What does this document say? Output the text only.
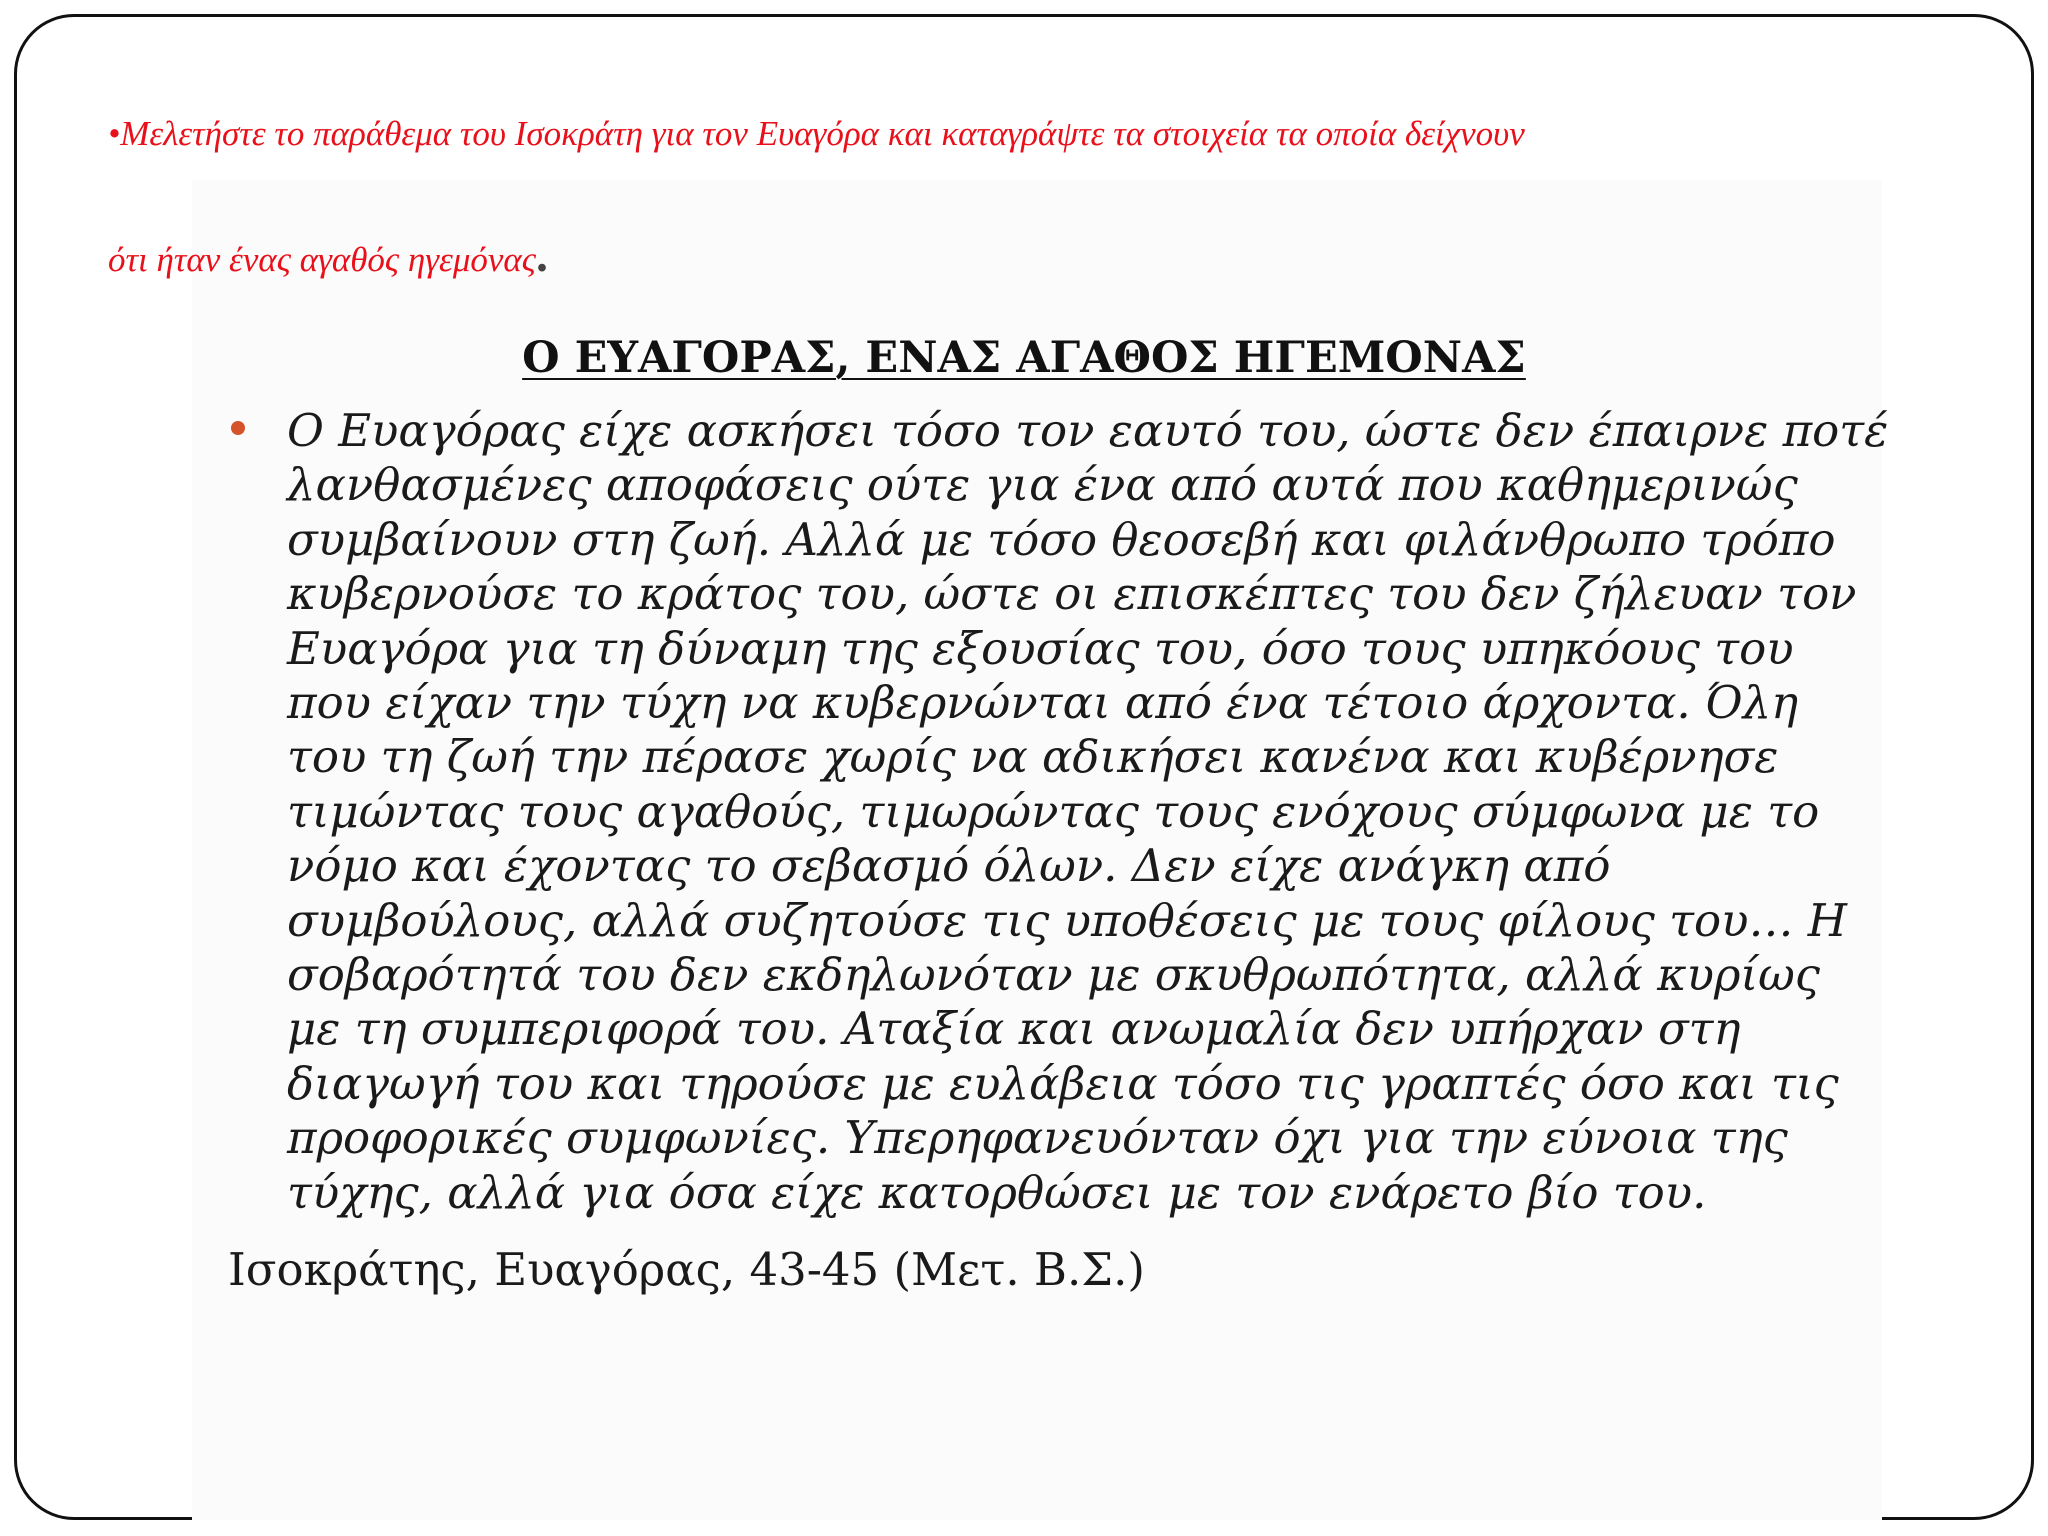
•Μελετήστε το παράθεμα του Ισοκράτη για τον Ευαγόρα και καταγράψτε τα στοιχεία τα οποία δείχνουν

ότι ήταν ένας αγαθός ηγεμόνας.

Ο ΕΥΑΓΟΡΑΣ, ΕΝΑΣ ΑΓΑΘΟΣ ΗΓΕΜΟΝΑΣ

Ο Ευαγόρας είχε ασκήσει τόσο τον εαυτό του, ώστε δεν έπαιρνε ποτέ
λανθασμένες αποφάσεις ούτε για ένα από αυτά που καθημερινώς
συμβαίνουν στη ζωή. Αλλά με τόσο θεοσεβή και φιλάνθρωπο τρόπο
κυβερνούσε το κράτος του, ώστε οι επισκέπτες του δεν ζήλευαν τον
Ευαγόρα για τη δύναμη της εξουσίας του, όσο τους υπηκόους του
που είχαν την τύχη να κυβερνώνται από ένα τέτοιο άρχοντα. Όλη
του τη ζωή την πέρασε χωρίς να αδικήσει κανένα και κυβέρνησε
τιμώντας τους αγαθούς, τιμωρώντας τους ενόχους σύμφωνα με το
νόμο και έχοντας το σεβασμό όλων. Δεν είχε ανάγκη από
συμβούλους, αλλά συζητούσε τις υποθέσεις με τους φίλους του… Η
σοβαρότητά του δεν εκδηλωνόταν με σκυθρωπότητα, αλλά κυρίως
με τη συμπεριφορά του. Αταξία και ανωμαλία δεν υπήρχαν στη
διαγωγή του και τηρούσε με ευλάβεια τόσο τις γραπτές όσο και τις
προφορικές συμφωνίες. Υπερηφανευόνταν όχι για την εύνοια της
τύχης, αλλά για όσα είχε κατορθώσει με τον ενάρετο βίο του.

Ισοκράτης, Ευαγόρας, 43-45 (Μετ. Β.Σ.)
